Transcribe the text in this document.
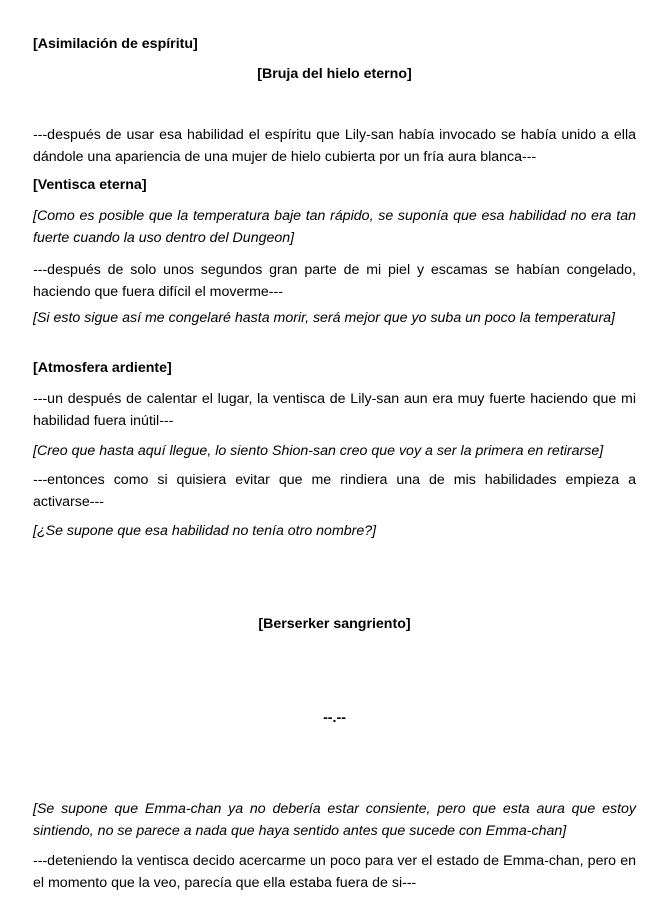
[Asimilación de espíritu]

[Bruja del hielo eterno]

---después de usar esa habilidad el espíritu que Lily-san había invocado se había unido a ella dándole una apariencia de una mujer de hielo cubierta por un fría aura blanca---

[Ventisca eterna]

[Como es posible que la temperatura baje tan rápido, se suponía que esa habilidad no era tan fuerte cuando la uso dentro del Dungeon]

---después de solo unos segundos gran parte de mi piel y escamas se habían congelado, haciendo que fuera difícil el moverme---

[Si esto sigue así me congelaré hasta morir, será mejor que yo suba un poco la temperatura]

[Atmosfera ardiente]

---un después de calentar el lugar, la ventisca de Lily-san aun era muy fuerte haciendo que mi habilidad fuera inútil---

[Creo que hasta aquí llegue, lo siento Shion-san creo que voy a ser la primera en retirarse]

---entonces como si quisiera evitar que me rindiera una de mis habilidades empieza a activarse---

[¿Se supone que esa habilidad no tenía otro nombre?]

[Berserker sangriento]

--.--

[Se supone que Emma-chan ya no debería estar consiente, pero que esta aura que estoy sintiendo, no se parece a nada que haya sentido antes que sucede con Emma-chan]

---deteniendo la ventisca decido acercarme un poco para ver el estado de Emma-chan, pero en el momento que la veo, parecía que ella estaba fuera de si---
